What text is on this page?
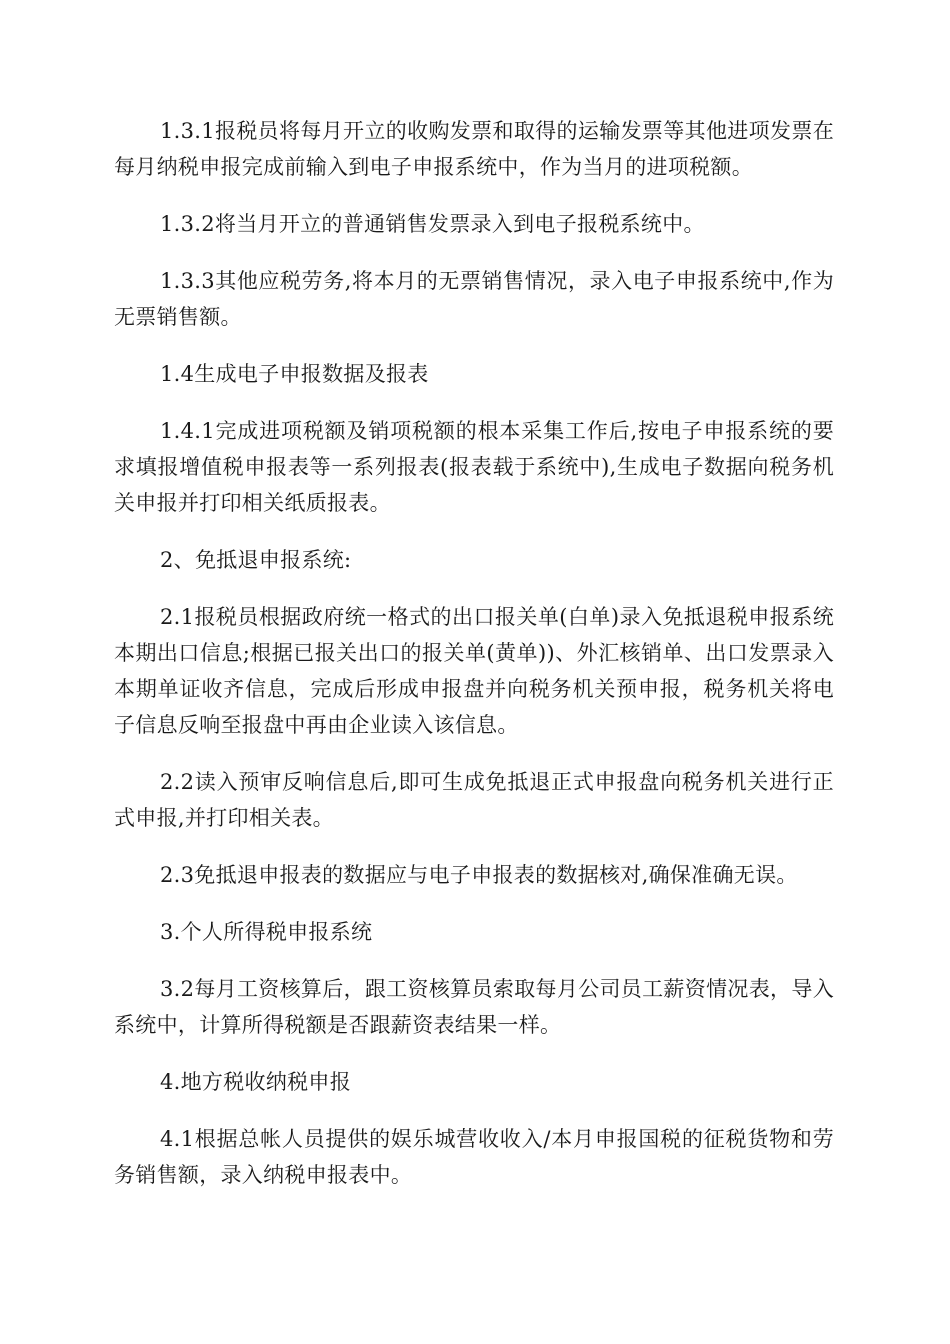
1.3.1报税员将每月开立的收购发票和取得的运输发票等其他进项发票在每月纳税申报完成前输入到电子申报系统中，作为当月的进项税额。

1.3.2将当月开立的普通销售发票录入到电子报税系统中。

1.3.3其他应税劳务,将本月的无票销售情况，录入电子申报系统中,作为无票销售额。

1.4生成电子申报数据及报表

1.4.1完成进项税额及销项税额的根本采集工作后,按电子申报系统的要求填报增值税申报表等一系列报表(报表载于系统中),生成电子数据向税务机关申报并打印相关纸质报表。

2、免抵退申报系统:

2.1报税员根据政府统一格式的出口报关单(白单)录入免抵退税申报系统本期出口信息;根据已报关出口的报关单(黄单))、外汇核销单、出口发票录入本期单证收齐信息，完成后形成申报盘并向税务机关预申报，税务机关将电子信息反响至报盘中再由企业读入该信息。

2.2读入预审反响信息后,即可生成免抵退正式申报盘向税务机关进行正式申报,并打印相关表。

2.3免抵退申报表的数据应与电子申报表的数据核对,确保准确无误。

3.个人所得税申报系统

3.2每月工资核算后，跟工资核算员索取每月公司员工薪资情况表，导入系统中，计算所得税额是否跟薪资表结果一样。

4.地方税收纳税申报

4.1根据总帐人员提供的娱乐城营收收入/本月申报国税的征税货物和劳务销售额，录入纳税申报表中。
